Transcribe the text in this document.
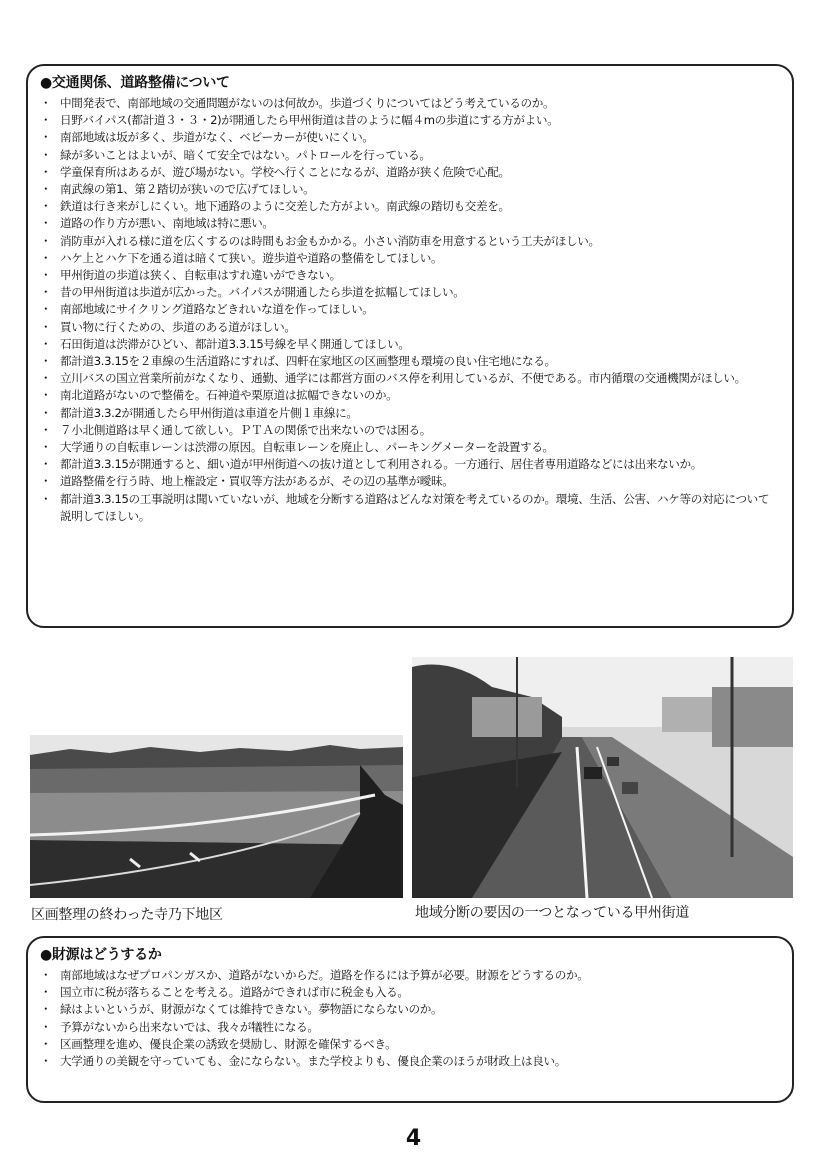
●交通関係、道路整備について
・ 中間発表で、南部地域の交通問題がないのは何故か。歩道づくりについてはどう考えているのか。
・ 日野バイパス(都計道３・３・2)が開通したら甲州街道は昔のように幅４mの歩道にする方がよい。
・ 南部地域は坂が多く、歩道がなく、ベビーカーが使いにくい。
・ 緑が多いことはよいが、暗くて安全ではない。パトロールを行っている。
・ 学童保育所はあるが、遊び場がない。学校へ行くことになるが、道路が狭く危険で心配。
・ 南武線の第1、第２踏切が狭いので広げてほしい。
・ 鉄道は行き来がしにくい。地下通路のように交差した方がよい。南武線の踏切も交差を。
・ 道路の作り方が悪い、南地域は特に悪い。
・ 消防車が入れる様に道を広くするのは時間もお金もかかる。小さい消防車を用意するという工夫がほしい。
・ ハケ上とハケ下を通る道は暗くて狭い。遊歩道や道路の整備をしてほしい。
・ 甲州街道の歩道は狭く、自転車はすれ違いができない。
・ 昔の甲州街道は歩道が広かった。バイパスが開通したら歩道を拡幅してほしい。
・ 南部地域にサイクリング道路などきれいな道を作ってほしい。
・ 買い物に行くための、歩道のある道がほしい。
・ 石田街道は渋滞がひどい、都計道3.3.15号線を早く開通してほしい。
・ 都計道3.3.15を２車線の生活道路にすれば、四軒在家地区の区画整理も環境の良い住宅地になる。
・ 立川バスの国立営業所前がなくなり、通勤、通学には都営方面のバス停を利用しているが、不便である。市内循環の交通機関がほしい。
・ 南北道路がないので整備を。石神道や栗原道は拡幅できないのか。
・ 都計道3.3.2が開通したら甲州街道は車道を片側１車線に。
・ ７小北側道路は早く通して欲しい。ＰＴＡの関係で出来ないのでは困る。
・ 大学通りの自転車レーンは渋滞の原因。自転車レーンを廃止し、パーキングメーターを設置する。
・ 都計道3.3.15が開通すると、細い道が甲州街道への抜け道として利用される。一方通行、居住者専用道路などには出来ないか。
・ 道路整備を行う時、地上権設定・買収等方法があるが、その辺の基準が曖昧。
・ 都計道3.3.15の工事説明は聞いていないが、地域を分断する道路はどんな対策を考えているのか。環境、生活、公害、ハケ等の対応について説明してほしい。
区画整理の終わった寺乃下地区	地域分断の要因の一つとなっている甲州街道
●財源はどうするか
・ 南部地域はなぜプロパンガスか、道路がないからだ。道路を作るには予算が必要。財源をどうするのか。
・ 国立市に税が落ちることを考える。道路ができれば市に税金も入る。
・ 緑はよいというが、財源がなくては維持できない。夢物語にならないのか。
・ 予算がないから出来ないでは、我々が犠牲になる。
・ 区画整理を進め、優良企業の誘致を奨励し、財源を確保するべき。
・ 大学通りの美観を守っていても、金にならない。また学校よりも、優良企業のほうが財政上は良い。
4
